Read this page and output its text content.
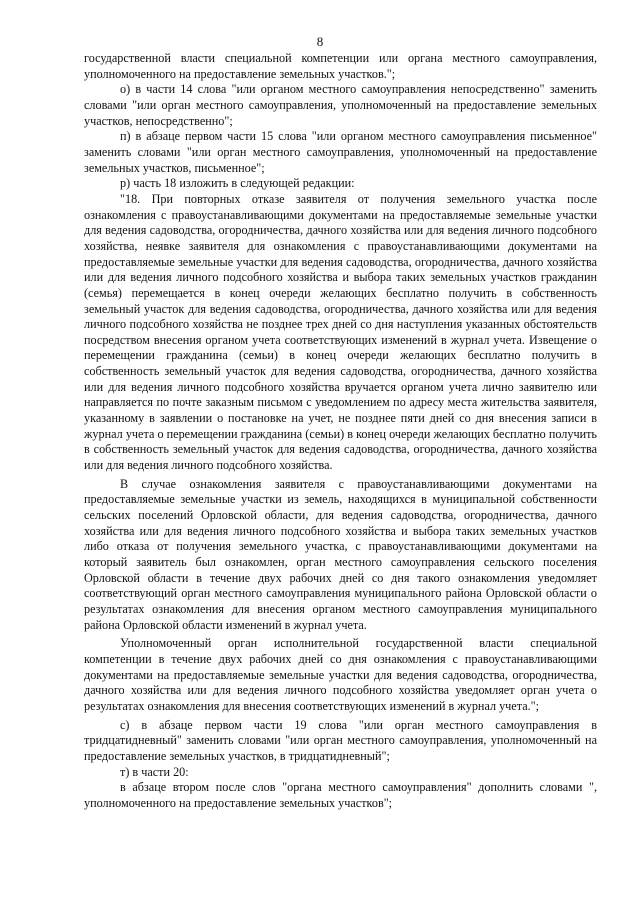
8

государственной власти специальной компетенции или органа местного самоуправления, уполномоченного на предоставление земельных участков.";

о) в части 14 слова "или органом местного самоуправления непосредственно" заменить словами "или орган местного самоуправления, уполномоченный на предоставление земельных участков, непосредственно";

п) в абзаце первом части 15 слова "или органом местного самоуправления письменное" заменить словами "или орган местного самоуправления, уполномоченный на предоставление земельных участков, письменное";

р) часть 18 изложить в следующей редакции:

"18. При повторных отказе заявителя от получения земельного участка после ознакомления с правоустанавливающими документами на предоставляемые земельные участки для ведения садоводства, огородничества, дачного хозяйства или для ведения личного подсобного хозяйства, неявке заявителя для ознакомления с правоустанавливающими документами на предоставляемые земельные участки для ведения садоводства, огородничества, дачного хозяйства или для ведения личного подсобного хозяйства и выбора таких земельных участков гражданин (семья) перемещается в конец очереди желающих бесплатно получить в собственность земельный участок для ведения садоводства, огородничества, дачного хозяйства или для ведения личного подсобного хозяйства не позднее трех дней со дня наступления указанных обстоятельств посредством внесения органом учета соответствующих изменений в журнал учета. Извещение о перемещении гражданина (семьи) в конец очереди желающих бесплатно получить в собственность земельный участок для ведения садоводства, огородничества, дачного хозяйства или для ведения личного подсобного хозяйства вручается органом учета лично заявителю или направляется по почте заказным письмом с уведомлением по адресу места жительства заявителя, указанному в заявлении о постановке на учет, не позднее пяти дней со дня внесения записи в журнал учета о перемещении гражданина (семьи) в конец очереди желающих бесплатно получить в собственность земельный участок для ведения садоводства, огородничества, дачного хозяйства или для ведения личного подсобного хозяйства.

В случае ознакомления заявителя с правоустанавливающими документами на предоставляемые земельные участки из земель, находящихся в муниципальной собственности сельских поселений Орловской области, для ведения садоводства, огородничества, дачного хозяйства или для ведения личного подсобного хозяйства и выбора таких земельных участков либо отказа от получения земельного участка, с правоустанавливающими документами на который заявитель был ознакомлен, орган местного самоуправления сельского поселения Орловской области в течение двух рабочих дней со дня такого ознакомления уведомляет соответствующий орган местного самоуправления муниципального района Орловской области о результатах ознакомления для внесения органом местного самоуправления муниципального района Орловской области изменений в журнал учета.

Уполномоченный орган исполнительной государственной власти специальной компетенции в течение двух рабочих дней со дня ознакомления с правоустанавливающими документами на предоставляемые земельные участки для ведения садоводства, огородничества, дачного хозяйства или для ведения личного подсобного хозяйства уведомляет орган учета о результатах ознакомления для внесения соответствующих изменений в журнал учета.";

с) в абзаце первом части 19 слова "или орган местного самоуправления в тридцатидневный" заменить словами "или орган местного самоуправления, уполномоченный на предоставление земельных участков, в тридцатидневный";

т) в части 20:

в абзаце втором после слов "органа местного самоуправления" дополнить словами ", уполномоченного на предоставление земельных участков";
